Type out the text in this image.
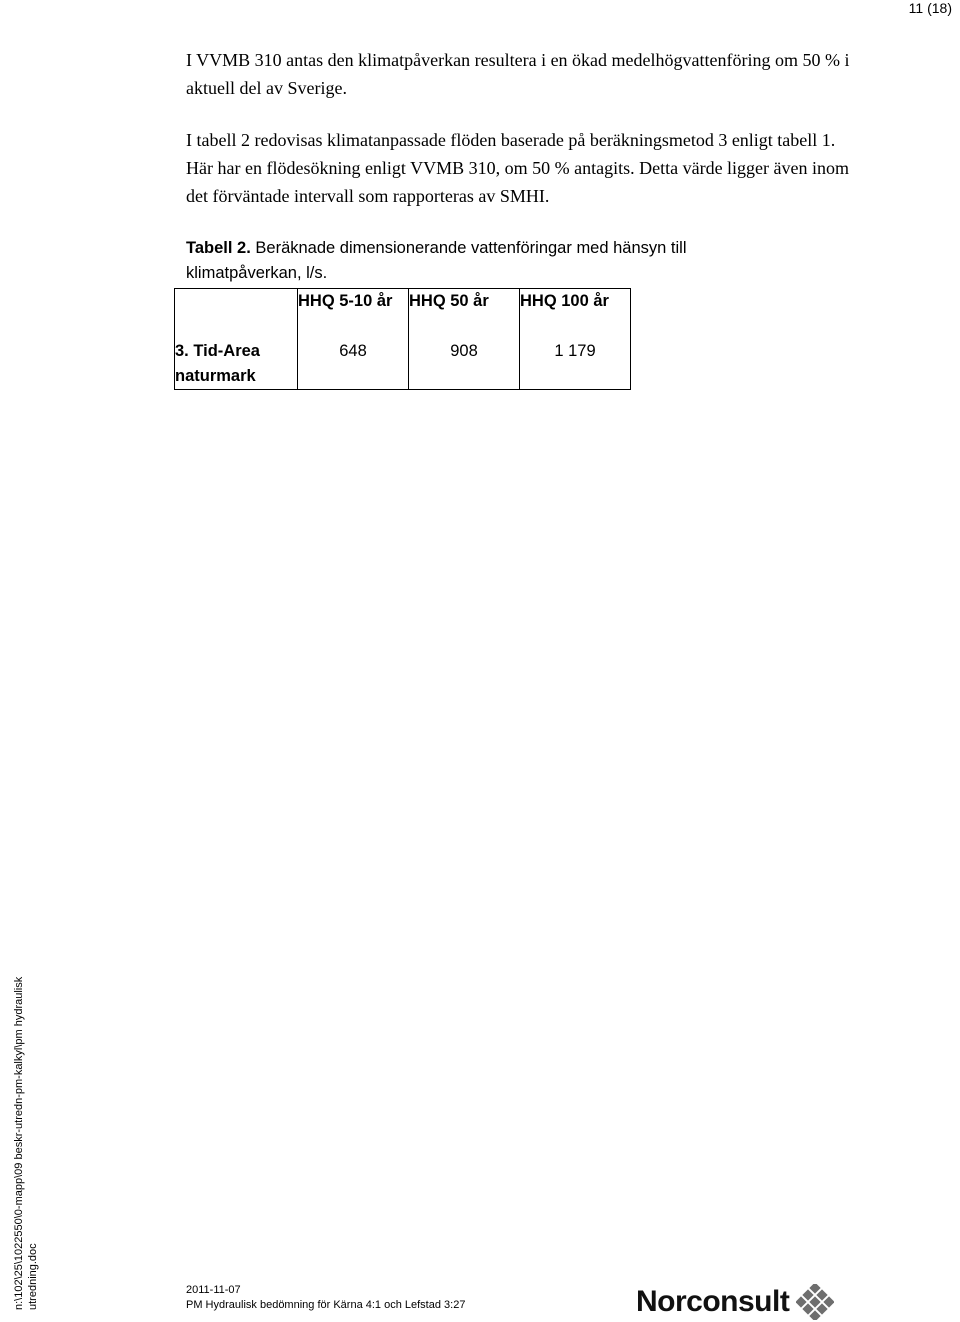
11 (18)

I VVMB 310 antas den klimatpåverkan resultera i en ökad medelhögvattenföring om 50 % i aktuell del av Sverige.

I tabell 2 redovisas klimatanpassade flöden baserade på beräkningsmetod 3 enligt tabell 1. Här har en flödesökning enligt VVMB 310, om 50 % antagits. Detta värde ligger även inom det förväntade intervall som rapporteras av SMHI.

Tabell 2. Beräknade dimensionerande vattenföringar med hänsyn till klimatpåverkan, l/s.

	HHQ 5-10 år	HHQ 50 år	HHQ 100 år
3. Tid-Area naturmark	648	908	1 179
n:\102\25\1022550\0-mapp\09 beskr-utredn-pm-kalkyl\pm hydraulisk utredning.doc	2011-11-07
PM Hydraulisk bedömning för Kärna 4:1 och Lefstad 3:27	Norconsult
